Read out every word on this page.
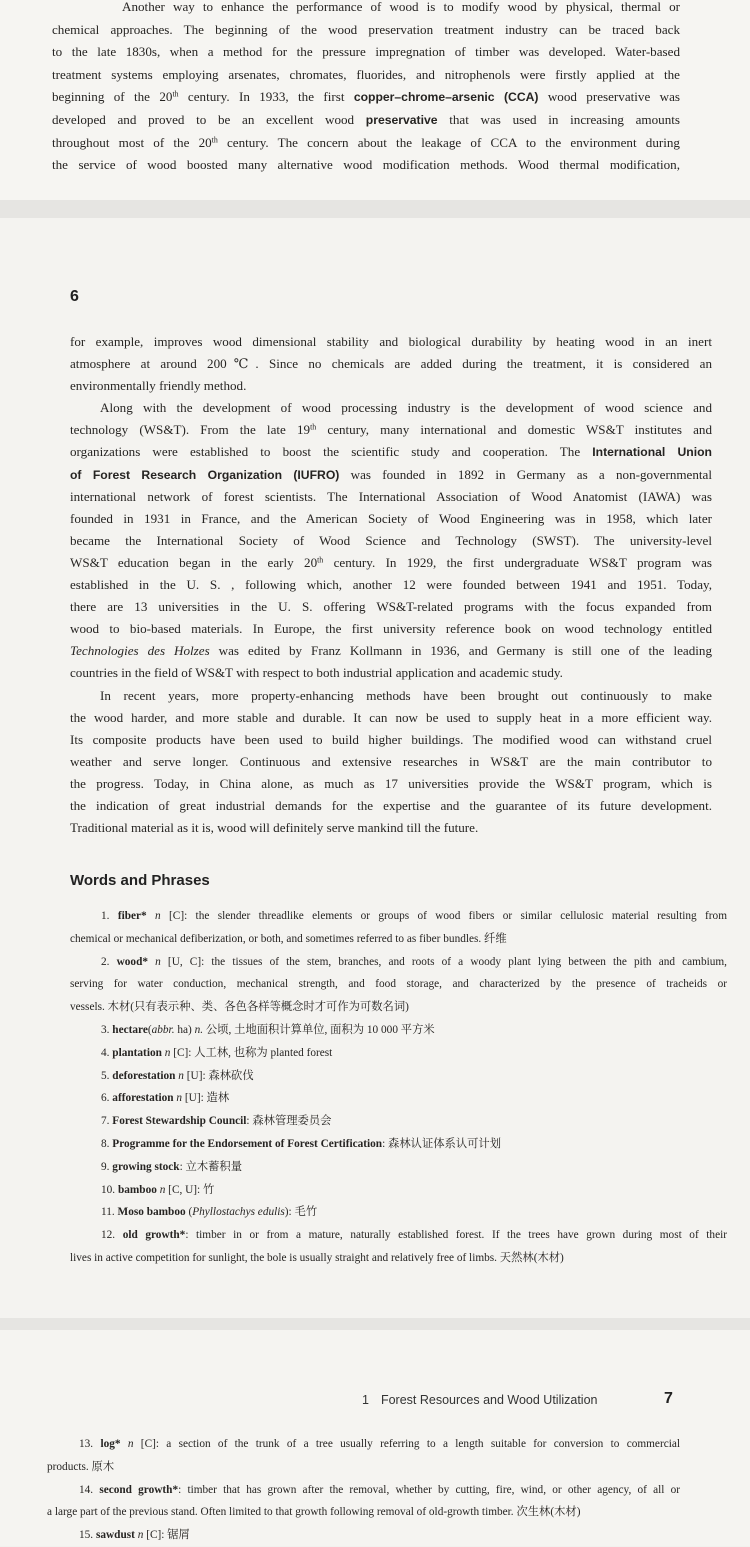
Another way to enhance the performance of wood is to modify wood by physical, thermal or
chemical approaches. The beginning of the wood preservation treatment industry can be traced back
to the late 1830s, when a method for the pressure impregnation of timber was developed. Water-based
treatment systems employing arsenates, chromates, fluorides, and nitrophenols were firstly applied at the
beginning of the 20th century. In 1933, the first copper–chrome–arsenic (CCA) wood preservative was
developed and proved to be an excellent wood preservative that was used in increasing amounts
throughout most of the 20th century. The concern about the leakage of CCA to the environment during
the service of wood boosted many alternative wood modification methods. Wood thermal modification,
6
for example, improves wood dimensional stability and biological durability by heating wood in an inert
atmosphere at around 200℃. Since no chemicals are added during the treatment, it is considered an
environmentally friendly method.
Along with the development of wood processing industry is the development of wood science and
technology (WS&T). From the late 19th century, many international and domestic WS&T institutes and
organizations were established to boost the scientific study and cooperation. The International Union
of Forest Research Organization (IUFRO) was founded in 1892 in Germany as a non-governmental
international network of forest scientists. The International Association of Wood Anatomist (IAWA) was
founded in 1931 in France, and the American Society of Wood Engineering was in 1958, which later
became the International Society of Wood Science and Technology (SWST). The university-level
WS&T education began in the early 20th century. In 1929, the first undergraduate WS&T program was
established in the U. S. , following which, another 12 were founded between 1941 and 1951. Today,
there are 13 universities in the U. S. offering WS&T-related programs with the focus expanded from
wood to bio-based materials. In Europe, the first university reference book on wood technology entitled
Technologies des Holzes was edited by Franz Kollmann in 1936, and Germany is still one of the leading
countries in the field of WS&T with respect to both industrial application and academic study.
In recent years, more property-enhancing methods have been brought out continuously to make
the wood harder, and more stable and durable. It can now be used to supply heat in a more efficient way.
Its composite products have been used to build higher buildings. The modified wood can withstand cruel
weather and serve longer. Continuous and extensive researches in WS&T are the main contributor to
the progress. Today, in China alone, as much as 17 universities provide the WS&T program, which is
the indication of great industrial demands for the expertise and the guarantee of its future development.
Traditional material as it is, wood will definitely serve mankind till the future.
Words and Phrases
1. fiber* n [C]: the slender threadlike elements or groups of wood fibers or similar cellulosic material resulting from
chemical or mechanical defiberization, or both, and sometimes referred to as fiber bundles. 纤维
2. wood* n [U, C]: the tissues of the stem, branches, and roots of a woody plant lying between the pith and cambium,
serving for water conduction, mechanical strength, and food storage, and characterized by the presence of tracheids or
vessels. 木材(只有表示种、类、各色各样等概念时才可作为可数名词)
3. hectare(abbr. ha) n. 公顷, 土地面积计算单位, 面积为 10 000 平方米
4. plantation n [C]: 人工林, 也称为 planted forest
5. deforestation n [U]: 森林砍伐
6. afforestation n [U]: 造林
7. Forest Stewardship Council: 森林管理委员会
8. Programme for the Endorsement of Forest Certification: 森林认证体系认可计划
9. growing stock: 立木蓄积量
10. bamboo n [C, U]: 竹
11. Moso bamboo (Phyllostachys edulis): 毛竹
12. old growth*: timber in or from a mature, naturally established forest. If the trees have grown during most of their
lives in active competition for sunlight, the bole is usually straight and relatively free of limbs. 天然林(木材)
1 Forest Resources and Wood Utilization	7
13. log* n [C]: a section of the trunk of a tree usually referring to a length suitable for conversion to commercial
products. 原木
14. second growth*: timber that has grown after the removal, whether by cutting, fire, wind, or other agency, of all or
a large part of the previous stand. Often limited to that growth following removal of old-growth timber. 次生林(木材)
15. sawdust n [C]: 锯屑
